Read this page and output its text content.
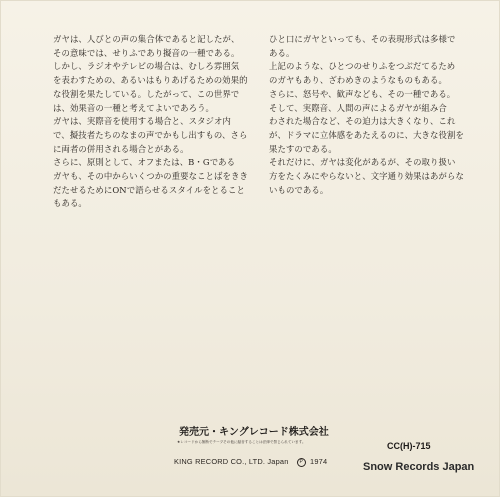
ガヤは、人びとの声の集合体であると記したが、

その意味では、せりふであり擬音の一種である。

しかし、ラジオやテレビの場合は、むしろ雰囲気

を表わすための、あるいはもりあげるための効果的

な役割を果たしている。したがって、この世界で

は、効果音の一種と考えてよいであろう。

ガヤは、実際音を使用する場合と、スタジオ内

で、擬技者たちのなまの声でかもし出すもの、さら

に両者の併用される場合とがある。

さらに、原則として、オフまたは、B・Gである

ガヤも、その中からいくつかの重要なことばをきき

だたせるためにONで語らせるスタイルをとること

もある。

ひと口にガヤといっても、その表現形式は多様で

ある。

上記のような、ひとつのせりふをつぶだてるため

のガヤもあり、ざわめきのようなものもある。

さらに、怒号や、歓声なども、その一種である。

そして、実際音、人間の声によるガヤが組み合

わされた場合など、その迫力は大きくなり、これ

が、ドラマに立体感をあたえるのに、大きな役割を

果たすのである。

それだけに、ガヤは変化があるが、その取り扱い

方をたくみにやらないと、文字通り効果はあがらな

いものである。

発売元・キングレコード株式会社
★レコードから無断でテープその他に録音することは法律で禁じられています。
KING RECORD CO., LTD. Japan P 1974
CC(H)-715
Snow Records Japan
